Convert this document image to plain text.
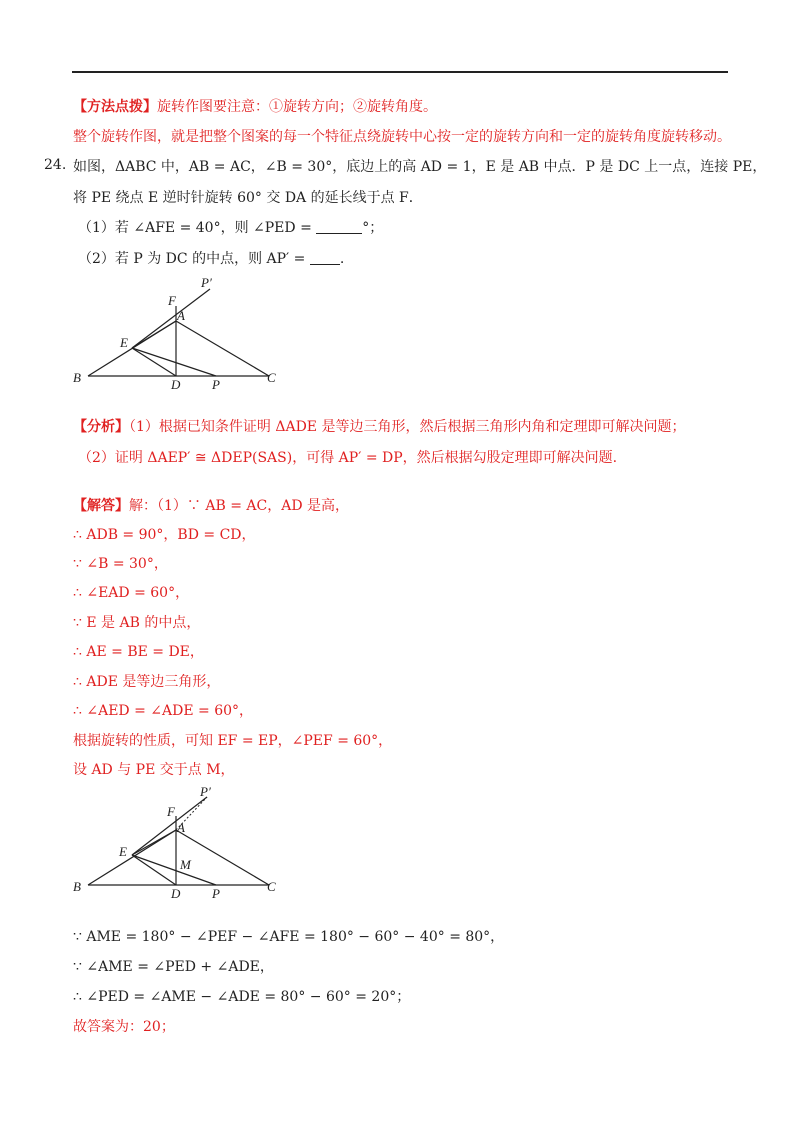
【方法点拨】旋转作图要注意：①旋转方向；②旋转角度。
整个旋转作图，就是把整个图案的每一个特征点绕旋转中心按一定的旋转方向和一定的旋转角度旋转移动。
24. 如图，ΔABC 中，AB = AC，∠B = 30°，底边上的高 AD = 1，E 是 AB 中点．P 是 DC 上一点，连接 PE，
将 PE 绕点 E 逆时针旋转 60° 交 DA 的延长线于点 F．
（1）若 ∠AFE = 40°，则 ∠PED =	°；
（2）若 P 为 DC 的中点，则 AP′ = .
P′
F
A
E
B	D P	C
【分析】（1）根据已知条件证明 ΔADE 是等边三角形，然后根据三角形内角和定理即可解决问题；
（2）证明 ΔAEP′ ≅ ΔDEP(SAS)，可得 AP′ = DP，然后根据勾股定理即可解决问题.
【解答】解：（1）∵ AB = AC，AD 是高，
∴ ADB = 90°，BD = CD，
∵ ∠B = 30°，
∴ ∠EAD = 60°，
∵ E 是 AB 的中点，
∴ AE = BE = DE，
∴ ADE 是等边三角形，
∴ ∠AED = ∠ADE = 60°，
根据旋转的性质，可知 EF = EP，∠PEF = 60°，
设 AD 与 PE 交于点 M，
P′
F
A
E
M
B	D P	C
∵ AME = 180° − ∠PEF − ∠AFE = 180° − 60° − 40° = 80°，
∵ ∠AME = ∠PED + ∠ADE，
∴ ∠PED = ∠AME − ∠ADE = 80° − 60° = 20°；
故答案为：20；
